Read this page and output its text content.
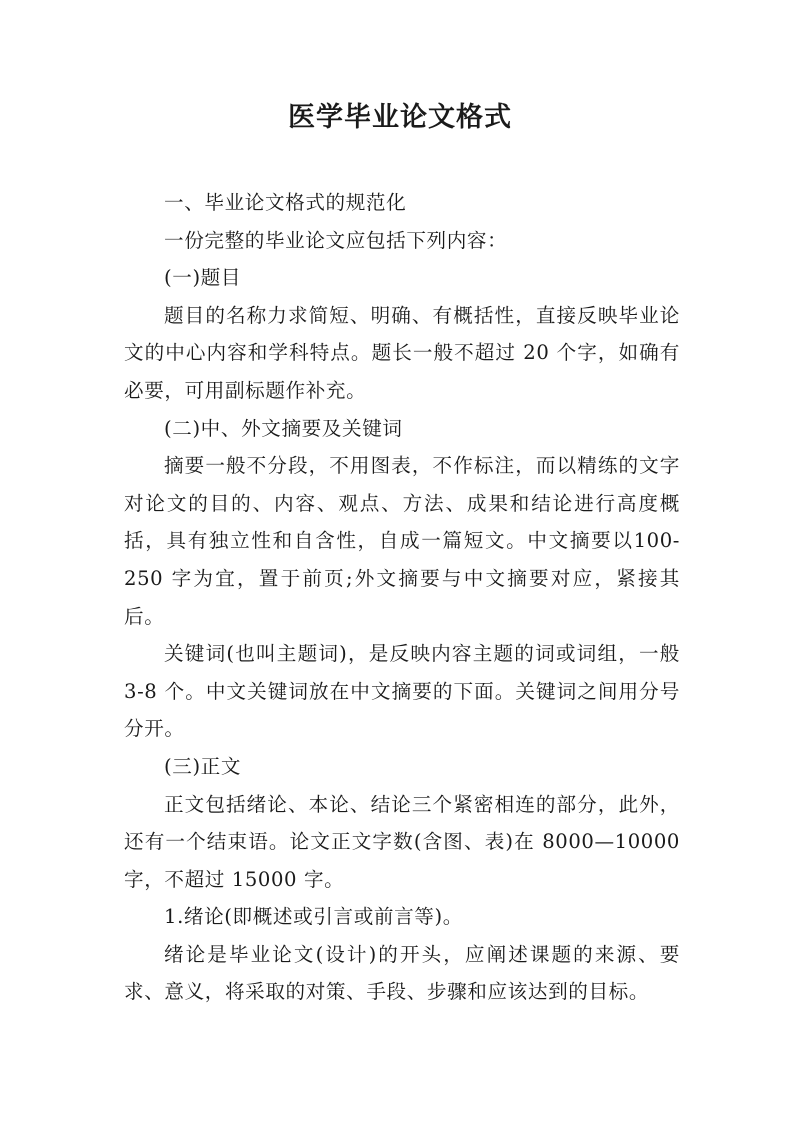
医学毕业论文格式

一、毕业论文格式的规范化

一份完整的毕业论文应包括下列内容：

(一)题目

题目的名称力求简短、明确、有概括性，直接反映毕业论文的中心内容和学科特点。题长一般不超过 20 个字，如确有必要，可用副标题作补充。

(二)中、外文摘要及关键词

摘要一般不分段，不用图表，不作标注，而以精练的文字对论文的目的、内容、观点、方法、成果和结论进行高度概括，具有独立性和自含性，自成一篇短文。中文摘要以100-250 字为宜，置于前页;外文摘要与中文摘要对应，紧接其后。

关键词(也叫主题词)，是反映内容主题的词或词组，一般 3-8 个。中文关键词放在中文摘要的下面。关键词之间用分号分开。

(三)正文

正文包括绪论、本论、结论三个紧密相连的部分，此外，还有一个结束语。论文正文字数(含图、表)在 8000—10000字，不超过 15000 字。

1.绪论(即概述或引言或前言等)。

绪论是毕业论文(设计)的开头，应阐述课题的来源、要求、意义，将采取的对策、手段、步骤和应该达到的目标。
